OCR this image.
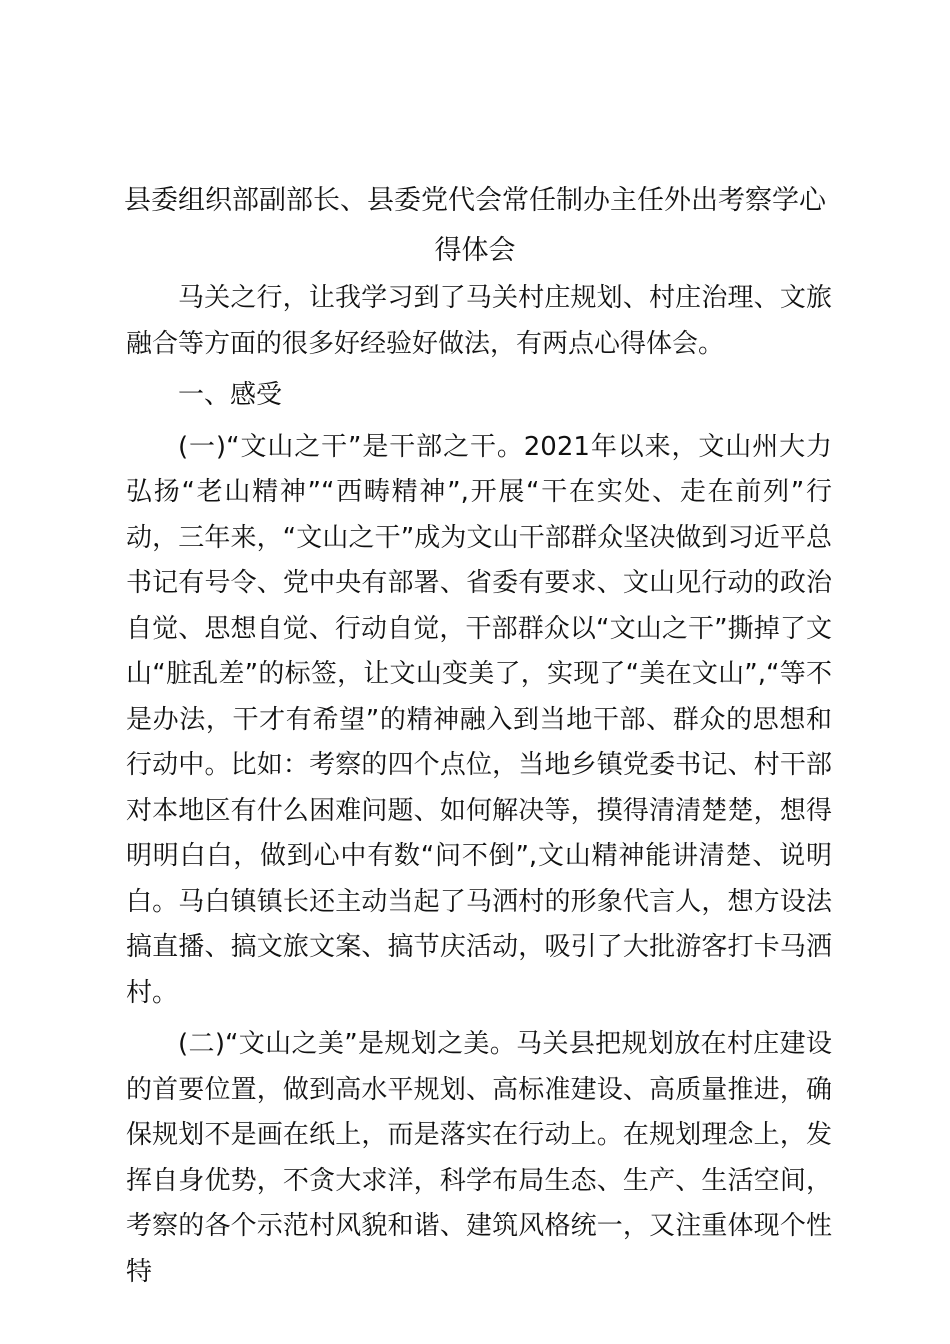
县委组织部副部长、县委党代会常任制办主任外出考察学心得体会

马关之行，让我学习到了马关村庄规划、村庄治理、文旅融合等方面的很多好经验好做法，有两点心得体会。

一、感受

(一)“文山之干”是干部之干。2021年以来，文山州大力弘扬“老山精神”“西畴精神”,开展“干在实处、走在前列”行动，三年来，“文山之干”成为文山干部群众坚决做到习近平总书记有号令、党中央有部署、省委有要求、文山见行动的政治自觉、思想自觉、行动自觉，干部群众以“文山之干”撕掉了文山“脏乱差”的标签，让文山变美了，实现了“美在文山”,“等不是办法，干才有希望”的精神融入到当地干部、群众的思想和行动中。比如：考察的四个点位，当地乡镇党委书记、村干部对本地区有什么困难问题、如何解决等，摸得清清楚楚，想得明明白白，做到心中有数“问不倒”,文山精神能讲清楚、说明白。马白镇镇长还主动当起了马洒村的形象代言人，想方设法搞直播、搞文旅文案、搞节庆活动，吸引了大批游客打卡马洒村。

(二)“文山之美”是规划之美。马关县把规划放在村庄建设的首要位置，做到高水平规划、高标准建设、高质量推进，确保规划不是画在纸上，而是落实在行动上。在规划理念上，发挥自身优势，不贪大求洋，科学布局生态、生产、生活空间，考察的各个示范村风貌和谐、建筑风格统一，又注重体现个性特
